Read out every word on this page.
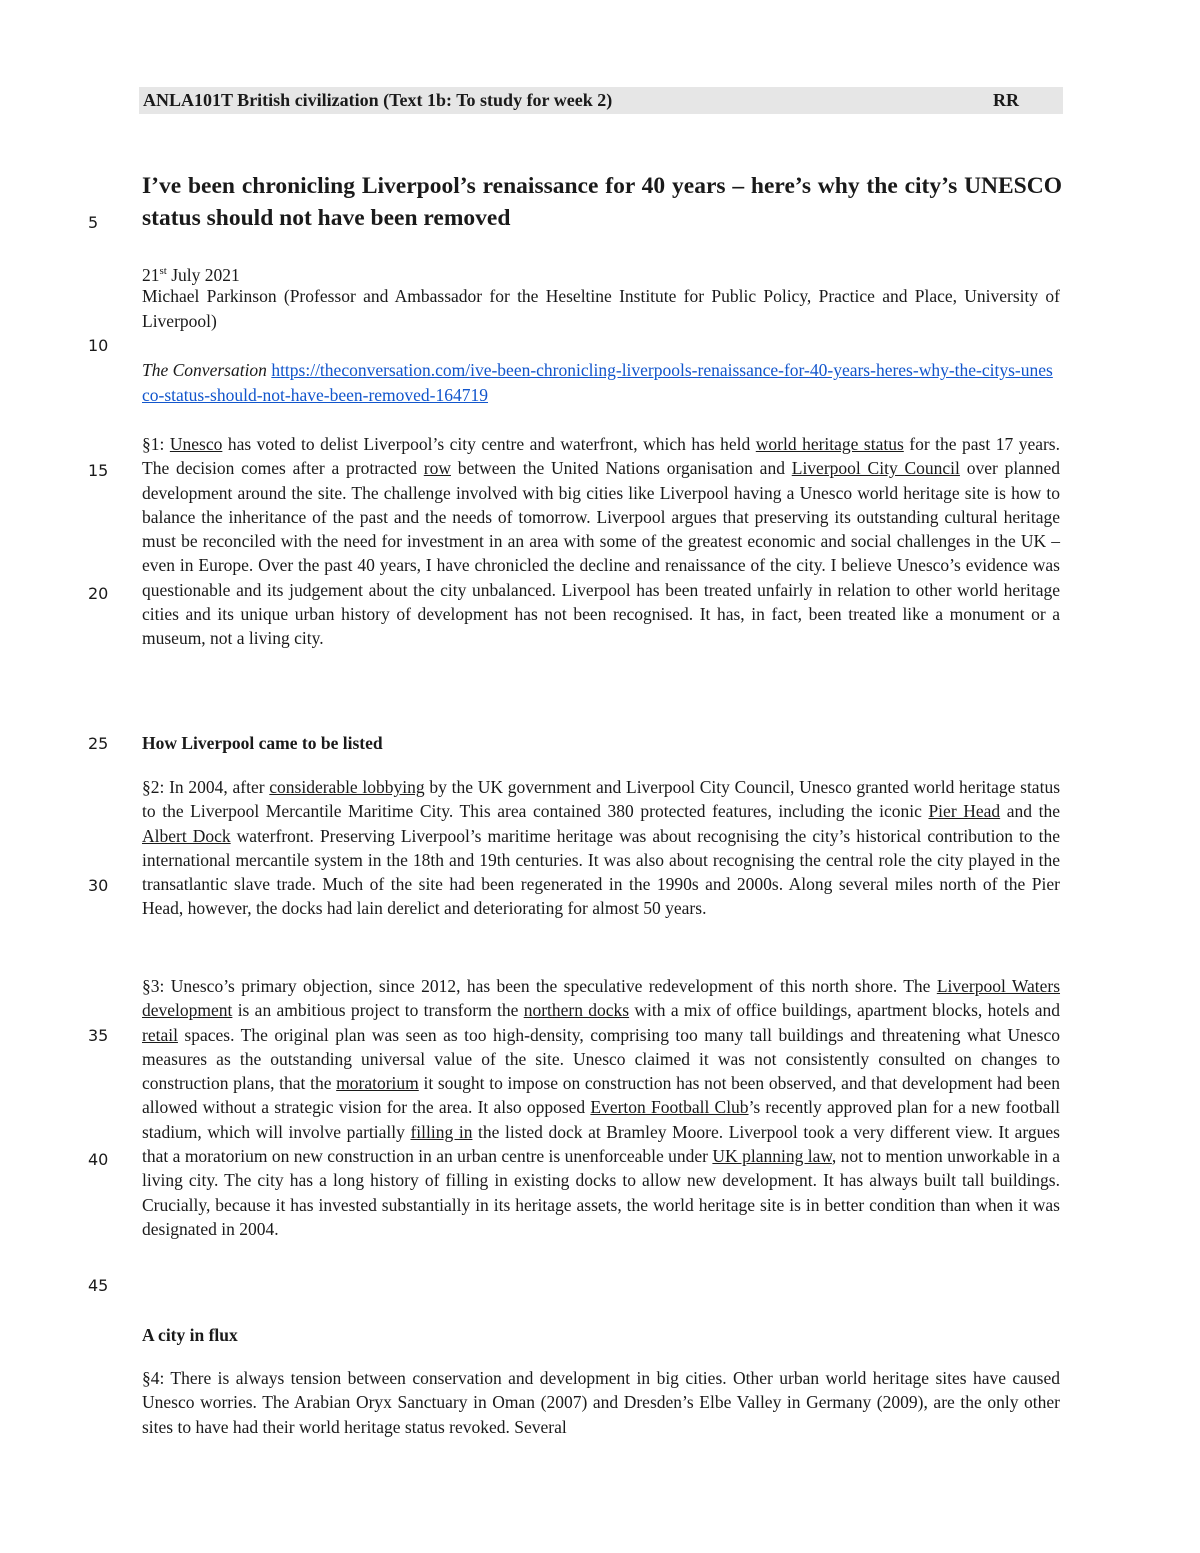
ANLA101T British civilization (Text 1b: To study for week 2)	RR
I’ve been chronicling Liverpool’s renaissance for 40 years – here’s why the city’s UNESCO status should not have been removed
5
10
15
20
25
30
35
40
45
21st July 2021
Michael Parkinson (Professor and Ambassador for the Heseltine Institute for Public Policy, Practice and Place, University of Liverpool)
The Conversation https://theconversation.com/ive-been-chronicling-liverpools-renaissance-for-40-years-heres-why-the-citys-unesco-status-should-not-have-been-removed-164719
§1: Unesco has voted to delist Liverpool’s city centre and waterfront, which has held world heritage status for the past 17 years. The decision comes after a protracted row between the United Nations organisation and Liverpool City Council over planned development around the site. The challenge involved with big cities like Liverpool having a Unesco world heritage site is how to balance the inheritance of the past and the needs of tomorrow. Liverpool argues that preserving its outstanding cultural heritage must be reconciled with the need for investment in an area with some of the greatest economic and social challenges in the UK – even in Europe. Over the past 40 years, I have chronicled the decline and renaissance of the city. I believe Unesco’s evidence was questionable and its judgement about the city unbalanced. Liverpool has been treated unfairly in relation to other world heritage cities and its unique urban history of development has not been recognised. It has, in fact, been treated like a monument or a museum, not a living city.
How Liverpool came to be listed
§2: In 2004, after considerable lobbying by the UK government and Liverpool City Council, Unesco granted world heritage status to the Liverpool Mercantile Maritime City. This area contained 380 protected features, including the iconic Pier Head and the Albert Dock waterfront. Preserving Liverpool’s maritime heritage was about recognising the city’s historical contribution to the international mercantile system in the 18th and 19th centuries. It was also about recognising the central role the city played in the transatlantic slave trade. Much of the site had been regenerated in the 1990s and 2000s. Along several miles north of the Pier Head, however, the docks had lain derelict and deteriorating for almost 50 years.
§3: Unesco’s primary objection, since 2012, has been the speculative redevelopment of this north shore. The Liverpool Waters development is an ambitious project to transform the northern docks with a mix of office buildings, apartment blocks, hotels and retail spaces. The original plan was seen as too high-density, comprising too many tall buildings and threatening what Unesco measures as the outstanding universal value of the site. Unesco claimed it was not consistently consulted on changes to construction plans, that the moratorium it sought to impose on construction has not been observed, and that development had been allowed without a strategic vision for the area. It also opposed Everton Football Club’s recently approved plan for a new football stadium, which will involve partially filling in the listed dock at Bramley Moore. Liverpool took a very different view. It argues that a moratorium on new construction in an urban centre is unenforceable under UK planning law, not to mention unworkable in a living city. The city has a long history of filling in existing docks to allow new development. It has always built tall buildings. Crucially, because it has invested substantially in its heritage assets, the world heritage site is in better condition than when it was designated in 2004.
A city in flux
§4: There is always tension between conservation and development in big cities. Other urban world heritage sites have caused Unesco worries. The Arabian Oryx Sanctuary in Oman (2007) and Dresden’s Elbe Valley in Germany (2009), are the only other sites to have had their world heritage status revoked. Several
